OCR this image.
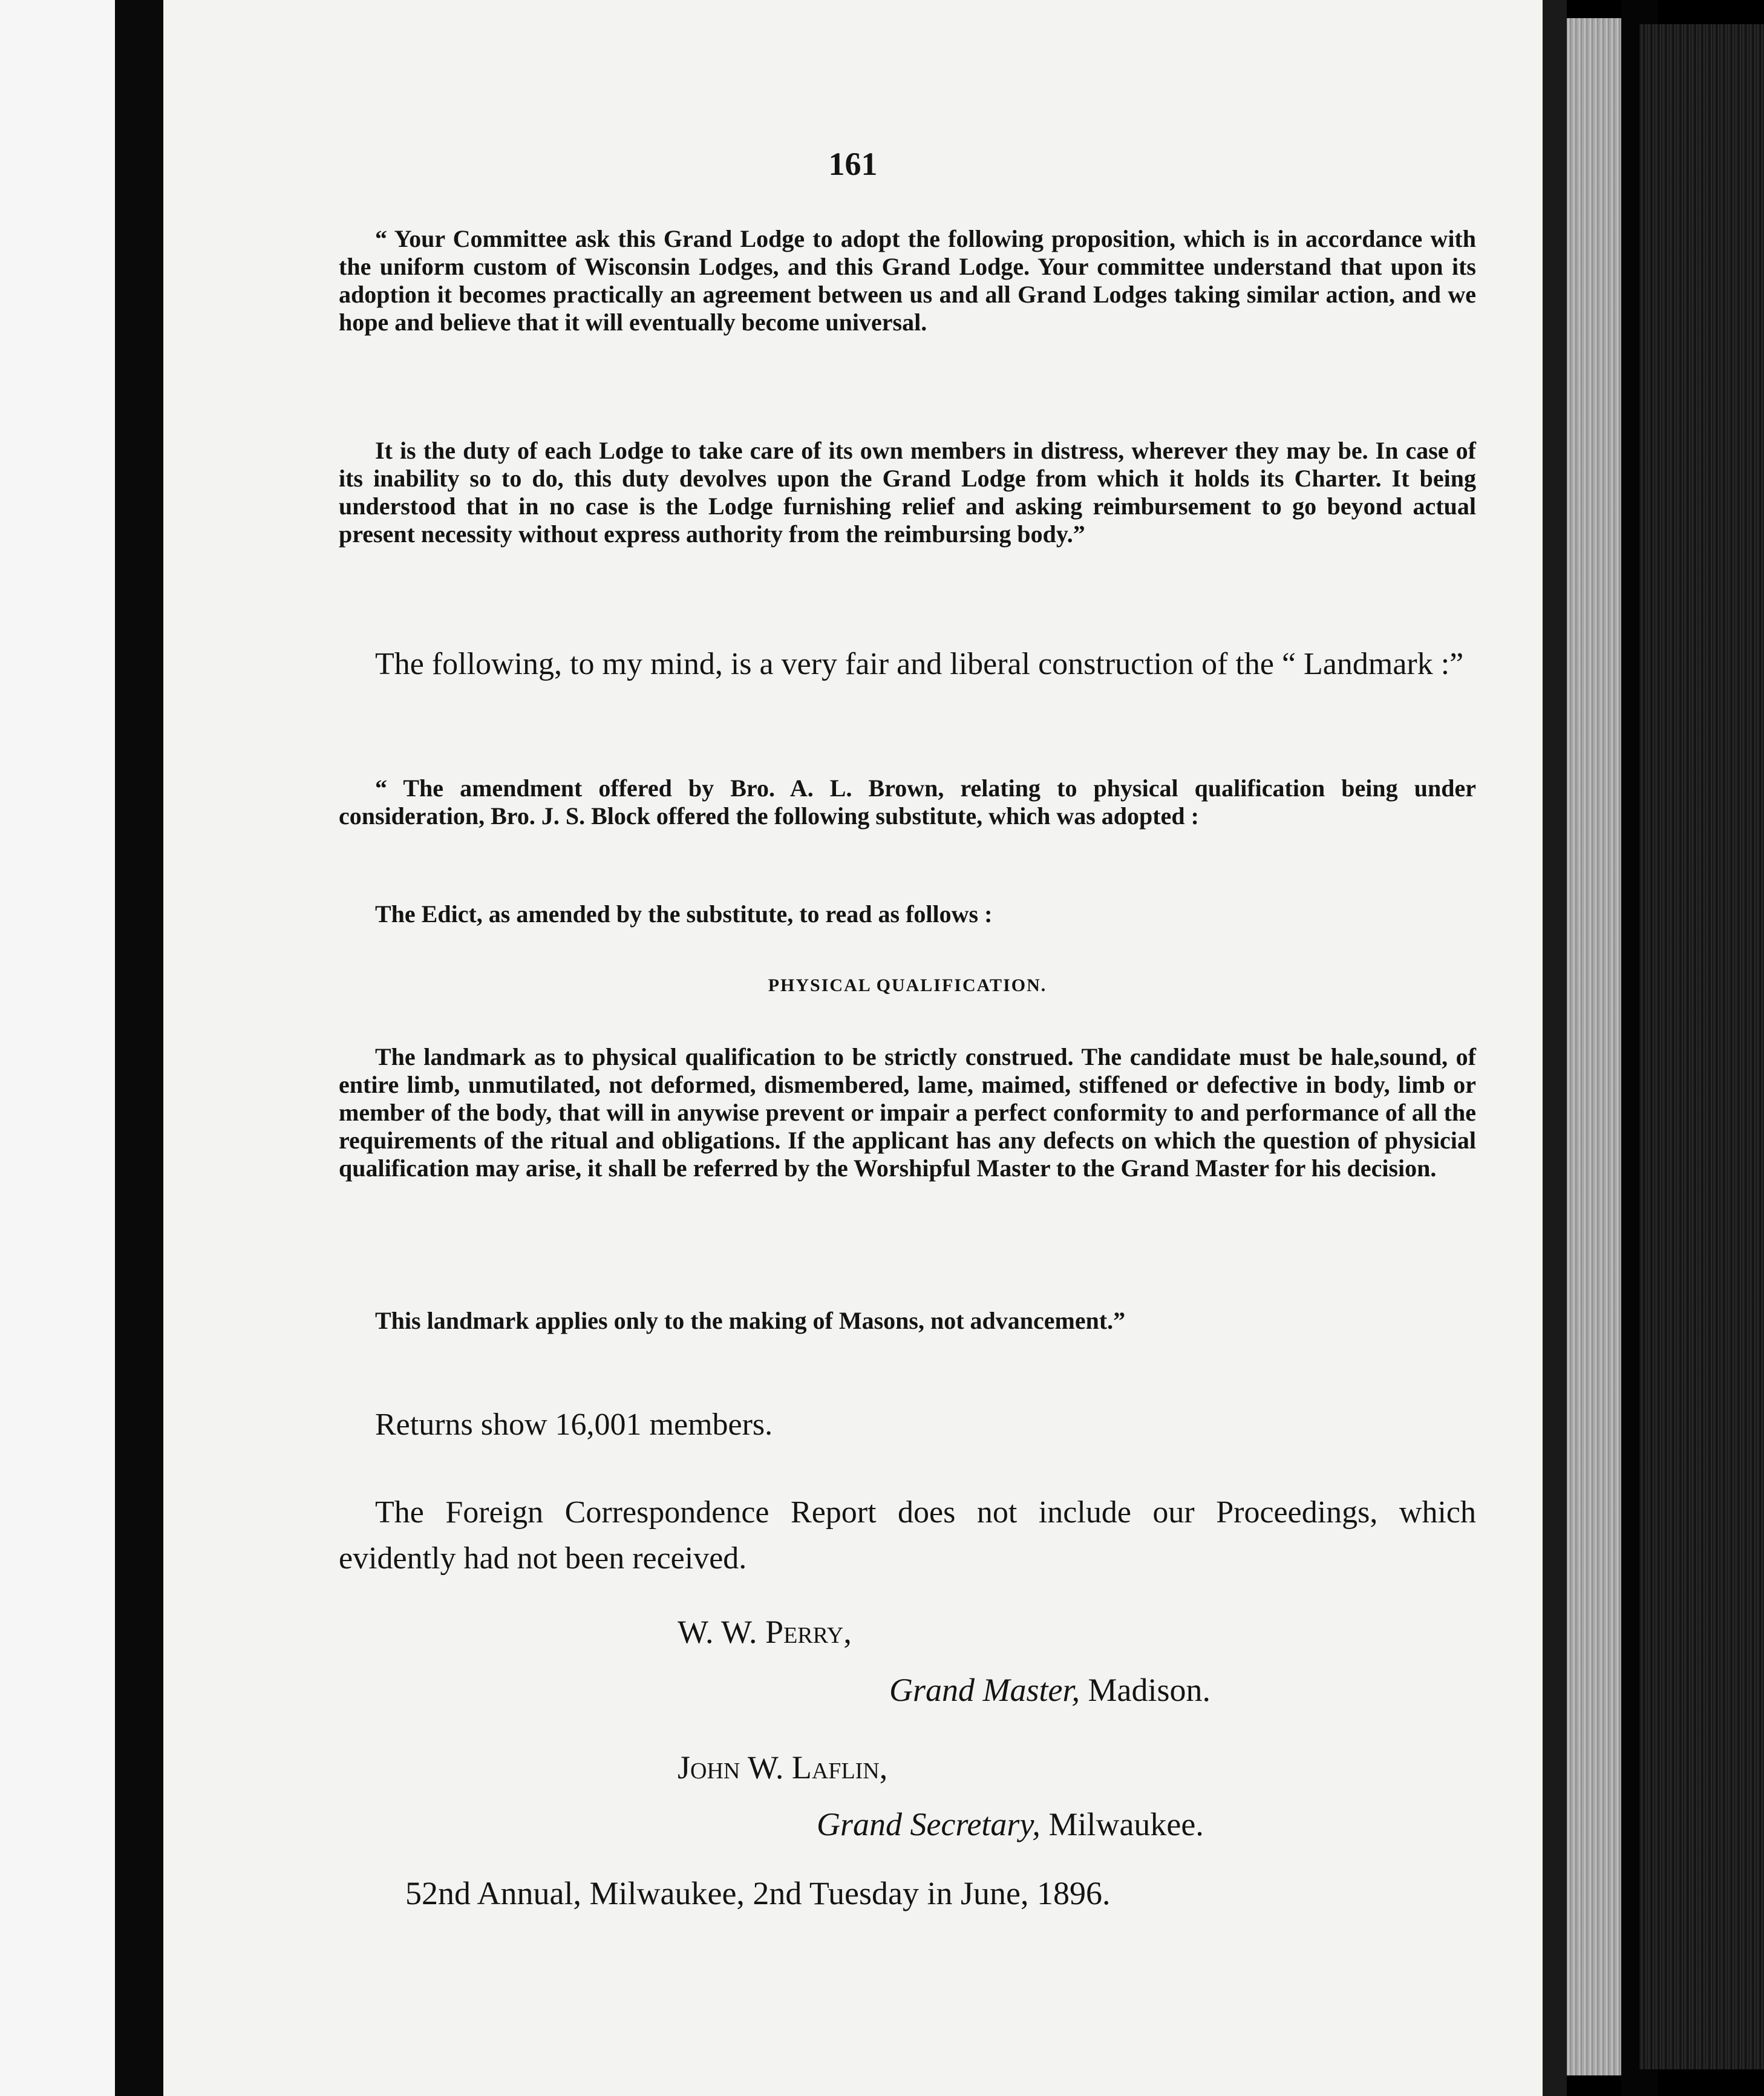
161

“ Your Committee ask this Grand Lodge to adopt the following proposition, which is in accordance with the uniform custom of Wisconsin Lodges, and this Grand Lodge. Your committee understand that upon its adoption it becomes practically an agreement between us and all Grand Lodges taking similar action, and we hope and believe that it will eventually become universal.

It is the duty of each Lodge to take care of its own members in distress, wherever they may be. In case of its inability so to do, this duty devolves upon the Grand Lodge from which it holds its Charter. It being understood that in no case is the Lodge furnishing relief and asking reimbursement to go beyond actual present necessity without express authority from the reimbursing body.”

The following, to my mind, is a very fair and liberal construction of the “ Landmark :”

“ The amendment offered by Bro. A. L. Brown, relating to physical qualification being under consideration, Bro. J. S. Block offered the following substitute, which was adopted :

The Edict, as amended by the substitute, to read as follows :

PHYSICAL QUALIFICATION.

The landmark as to physical qualification to be strictly construed. The candidate must be hale,sound, of entire limb, unmutilated, not deformed, dismembered, lame, maimed, stiffened or defective in body, limb or member of the body, that will in anywise prevent or impair a perfect conformity to and performance of all the requirements of the ritual and obligations. If the applicant has any defects on which the question of physicial qualification may arise, it shall be referred by the Worshipful Master to the Grand Master for his decision.

This landmark applies only to the making of Masons, not advancement.”

Returns show 16,001 members.

The Foreign Correspondence Report does not include our Proceedings, which evidently had not been received.

W. W. Perry,
Grand Master, Madison.
John W. Laflin,
Grand Secretary, Milwaukee.
52nd Annual, Milwaukee, 2nd Tuesday in June, 1896.
